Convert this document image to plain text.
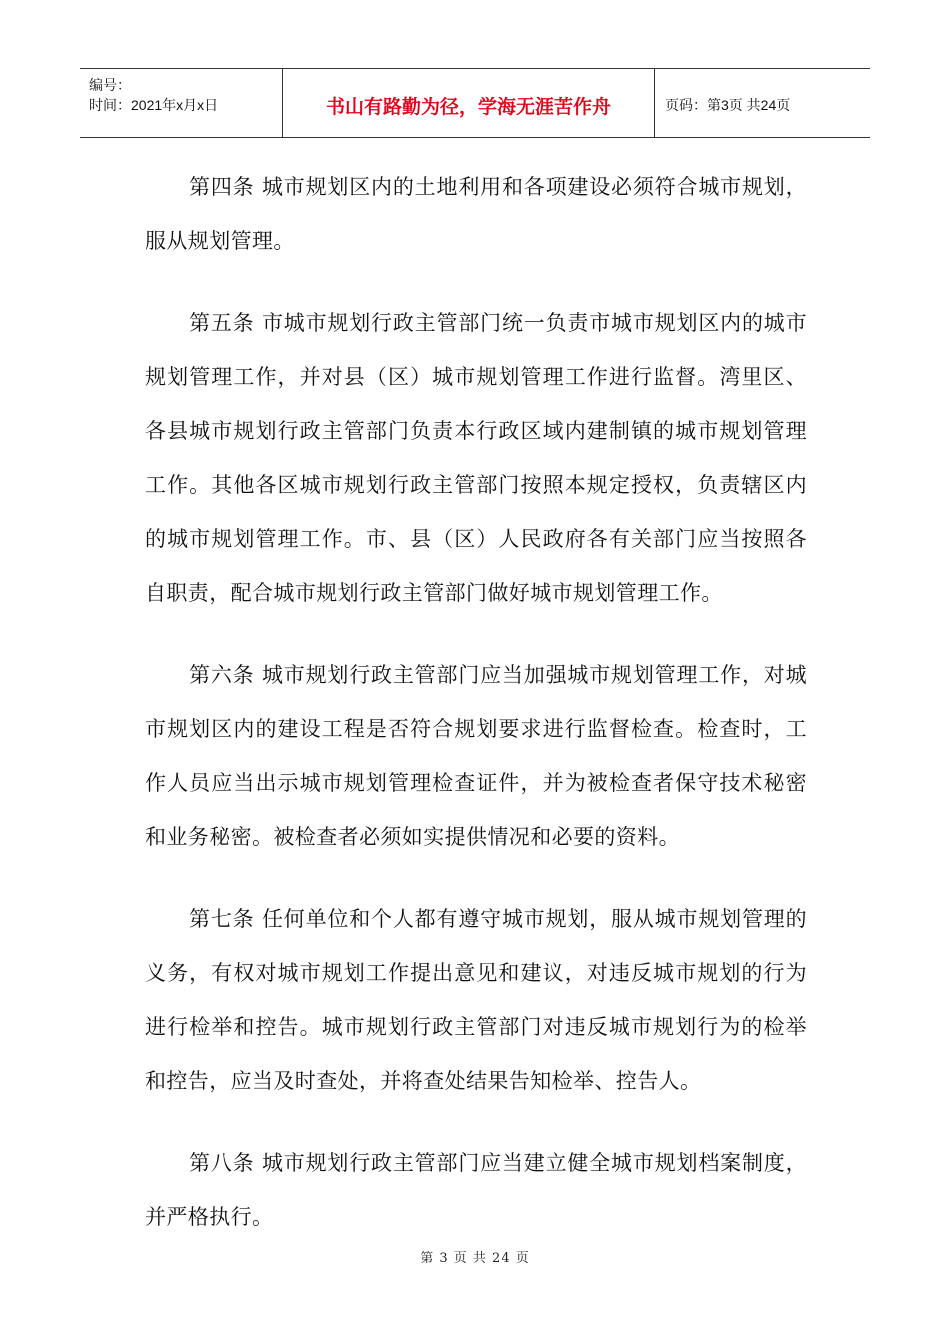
编号：
时间：2021年x月x日	书山有路勤为径，学海无涯苦作舟	页码：第3页 共24页

第四条 城市规划区内的土地利用和各项建设必须符合城市规划，服从规划管理。

第五条 市城市规划行政主管部门统一负责市城市规划区内的城市规划管理工作，并对县（区）城市规划管理工作进行监督。湾里区、各县城市规划行政主管部门负责本行政区域内建制镇的城市规划管理工作。其他各区城市规划行政主管部门按照本规定授权，负责辖区内的城市规划管理工作。市、县（区）人民政府各有关部门应当按照各自职责，配合城市规划行政主管部门做好城市规划管理工作。

第六条 城市规划行政主管部门应当加强城市规划管理工作，对城市规划区内的建设工程是否符合规划要求进行监督检查。检查时，工作人员应当出示城市规划管理检查证件，并为被检查者保守技术秘密和业务秘密。被检查者必须如实提供情况和必要的资料。

第七条 任何单位和个人都有遵守城市规划，服从城市规划管理的义务，有权对城市规划工作提出意见和建议，对违反城市规划的行为进行检举和控告。城市规划行政主管部门对违反城市规划行为的检举和控告，应当及时查处，并将查处结果告知检举、控告人。

第八条 城市规划行政主管部门应当建立健全城市规划档案制度，并严格执行。

第 3 页 共 24 页
